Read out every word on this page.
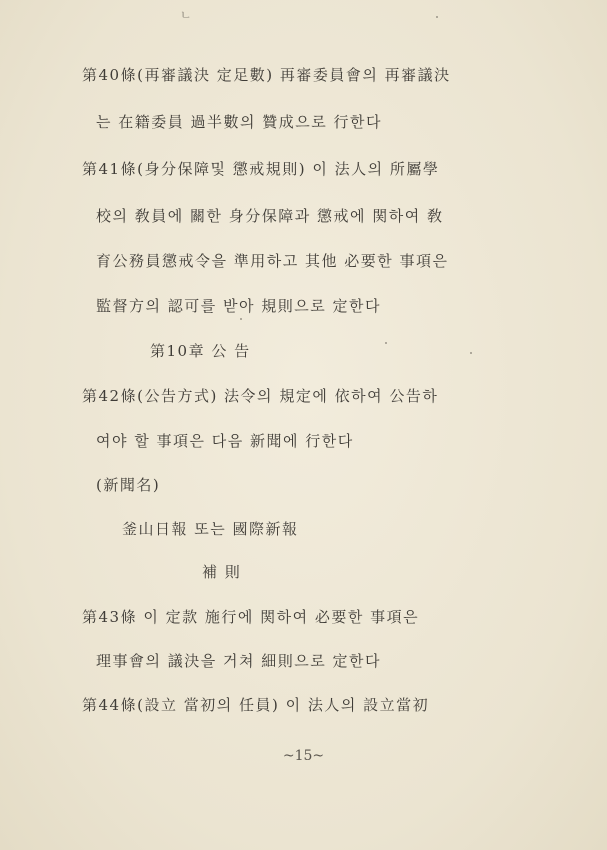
ㄴ
第40條(再審議決 定足數) 再審委員會의 再審議決
는 在籍委員 過半數의 贊成으로 行한다
第41條(身分保障및 懲戒規則) 이 法人의 所屬學
校의 敎員에 關한 身分保障과 懲戒에 関하여 敎
育公務員懲戒令을 準用하고 其他 必要한 事項은
監督方의 認可를 받아 規則으로 定한다
第10章 公 告
第42條(公告方式) 法令의 規定에 依하여 公告하
여야 할 事項은 다음 新聞에 行한다
(新聞名)
釜山日報 또는 國際新報
補 則
第43條 이 定款 施行에 関하여 必要한 事項은
理事會의 議決을 거쳐 細則으로 定한다
第44條(設立 當初의 任員) 이 法人의 設立當初
~15~
